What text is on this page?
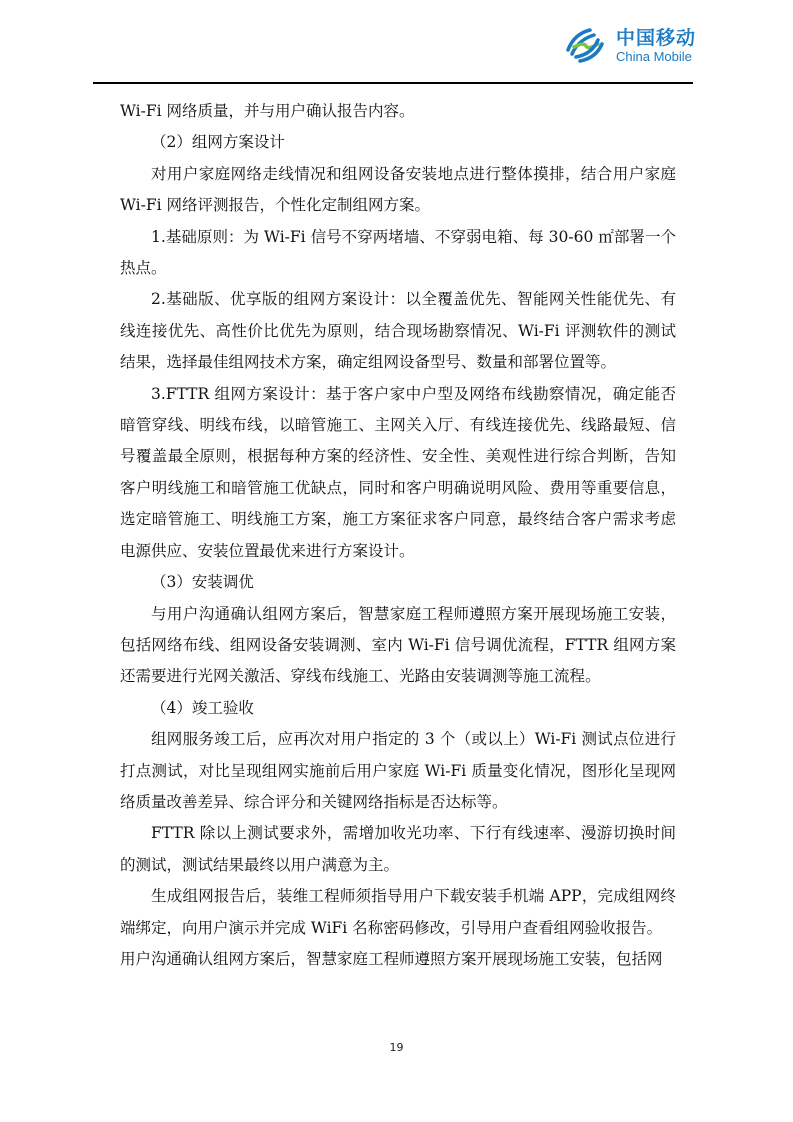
中国移动
China Mobile

Wi-Fi 网络质量，并与用户确认报告内容。

（2）组网方案设计

对用户家庭网络走线情况和组网设备安装地点进行整体摸排，结合用户家庭 Wi-Fi 网络评测报告，个性化定制组网方案。

1.基础原则：为 Wi-Fi 信号不穿两堵墙、不穿弱电箱、每 30-60 ㎡部署一个热点。

2.基础版、优享版的组网方案设计：以全覆盖优先、智能网关性能优先、有线连接优先、高性价比优先为原则，结合现场勘察情况、Wi-Fi 评测软件的测试结果，选择最佳组网技术方案，确定组网设备型号、数量和部署位置等。

3.FTTR 组网方案设计：基于客户家中户型及网络布线勘察情况，确定能否暗管穿线、明线布线，以暗管施工、主网关入厅、有线连接优先、线路最短、信号覆盖最全原则，根据每种方案的经济性、安全性、美观性进行综合判断，告知客户明线施工和暗管施工优缺点，同时和客户明确说明风险、费用等重要信息，选定暗管施工、明线施工方案，施工方案征求客户同意，最终结合客户需求考虑电源供应、安装位置最优来进行方案设计。

（3）安装调优

与用户沟通确认组网方案后，智慧家庭工程师遵照方案开展现场施工安装，包括网络布线、组网设备安装调测、室内 Wi-Fi 信号调优流程，FTTR 组网方案还需要进行光网关激活、穿线布线施工、光路由安装调测等施工流程。

（4）竣工验收

组网服务竣工后，应再次对用户指定的 3 个（或以上）Wi-Fi 测试点位进行打点测试，对比呈现组网实施前后用户家庭 Wi-Fi 质量变化情况，图形化呈现网络质量改善差异、综合评分和关键网络指标是否达标等。

FTTR 除以上测试要求外，需增加收光功率、下行有线速率、漫游切换时间的测试，测试结果最终以用户满意为主。

生成组网报告后，装维工程师须指导用户下载安装手机端 APP，完成组网终端绑定，向用户演示并完成 WiFi 名称密码修改，引导用户查看组网验收报告。

用户沟通确认组网方案后，智慧家庭工程师遵照方案开展现场施工安装，包括网

19
